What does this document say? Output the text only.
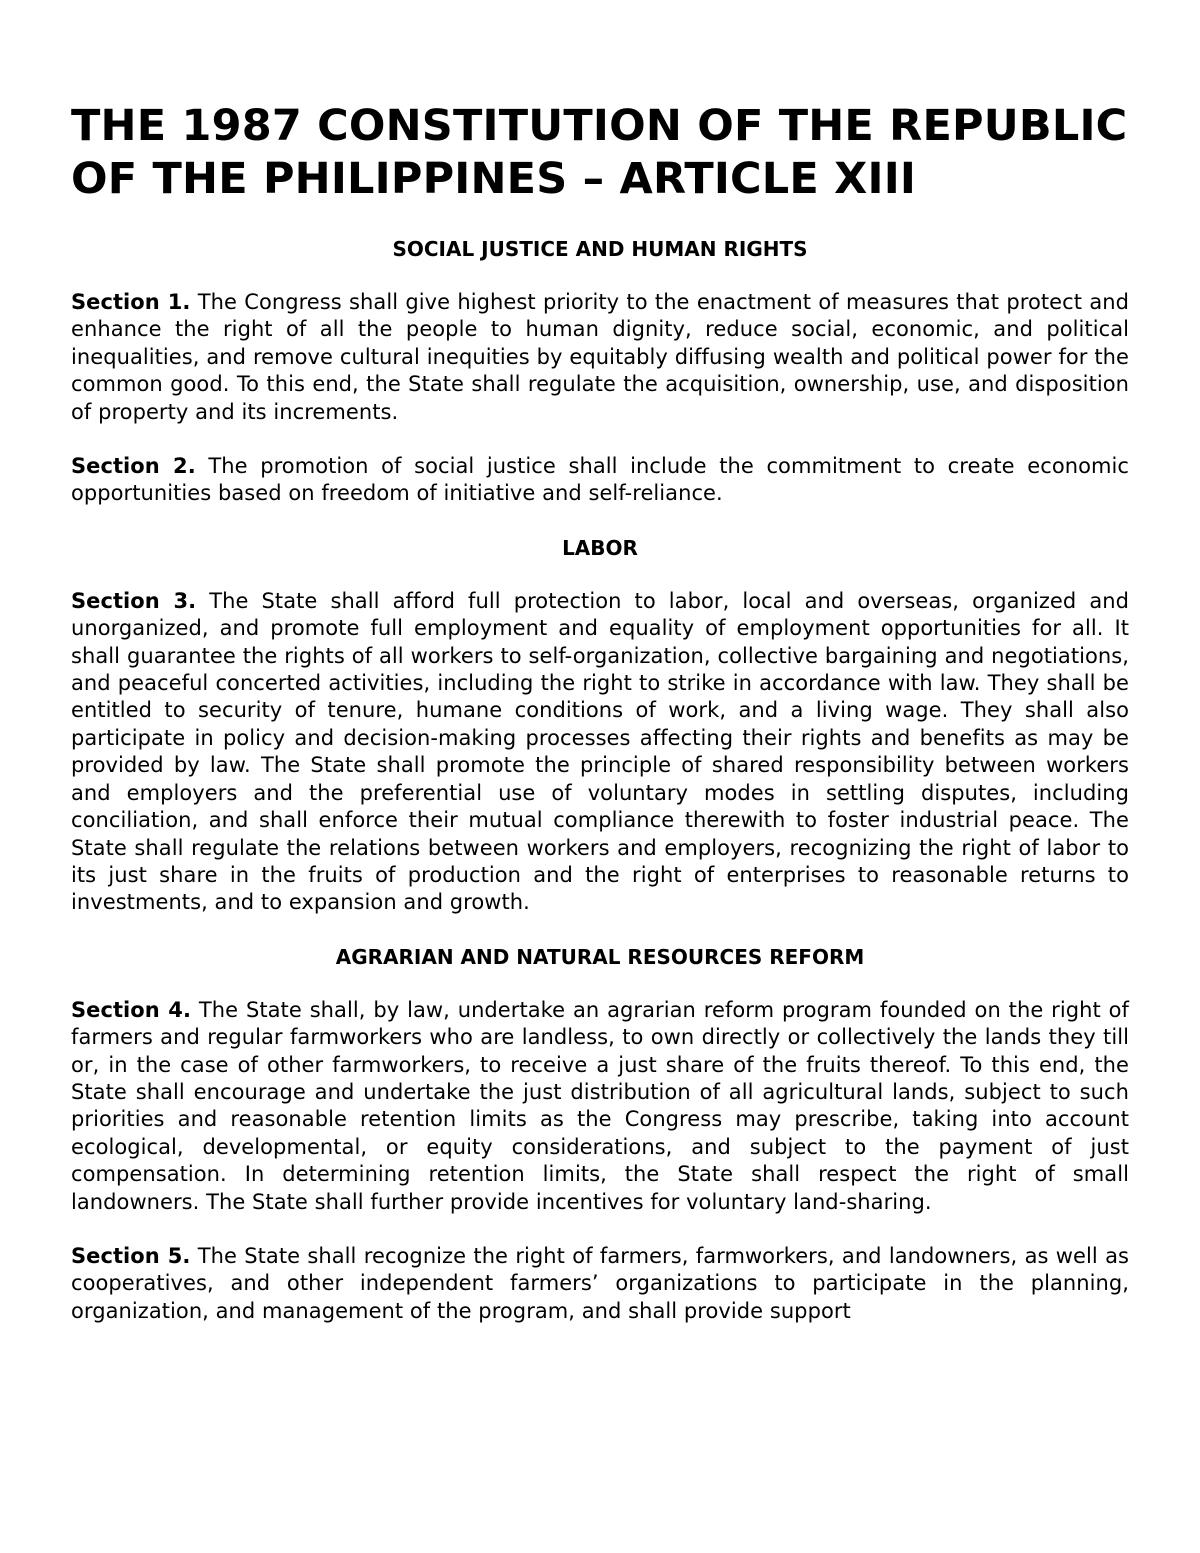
THE 1987 CONSTITUTION OF THE REPUBLIC OF THE PHILIPPINES – ARTICLE XIII
SOCIAL JUSTICE AND HUMAN RIGHTS

Section 1. The Congress shall give highest priority to the enactment of measures that protect and enhance the right of all the people to human dignity, reduce social, economic, and political inequalities, and remove cultural inequities by equitably diffusing wealth and political power for the common good. To this end, the State shall regulate the acquisition, ownership, use, and disposition of property and its increments.

Section 2. The promotion of social justice shall include the commitment to create economic opportunities based on freedom of initiative and self-reliance.

LABOR

Section 3. The State shall afford full protection to labor, local and overseas, organized and unorganized, and promote full employment and equality of employment opportunities for all. It shall guarantee the rights of all workers to self-organization, collective bargaining and negotiations, and peaceful concerted activities, including the right to strike in accordance with law. They shall be entitled to security of tenure, humane conditions of work, and a living wage. They shall also participate in policy and decision-making processes affecting their rights and benefits as may be provided by law. The State shall promote the principle of shared responsibility between workers and employers and the preferential use of voluntary modes in settling disputes, including conciliation, and shall enforce their mutual compliance therewith to foster industrial peace. The State shall regulate the relations between workers and employers, recognizing the right of labor to its just share in the fruits of production and the right of enterprises to reasonable returns to investments, and to expansion and growth.

AGRARIAN AND NATURAL RESOURCES REFORM

Section 4. The State shall, by law, undertake an agrarian reform program founded on the right of farmers and regular farmworkers who are landless, to own directly or collectively the lands they till or, in the case of other farmworkers, to receive a just share of the fruits thereof. To this end, the State shall encourage and undertake the just distribution of all agricultural lands, subject to such priorities and reasonable retention limits as the Congress may prescribe, taking into account ecological, developmental, or equity considerations, and subject to the payment of just compensation. In determining retention limits, the State shall respect the right of small landowners. The State shall further provide incentives for voluntary land-sharing.

Section 5. The State shall recognize the right of farmers, farmworkers, and landowners, as well as cooperatives, and other independent farmers’ organizations to participate in the planning, organization, and management of the program, and shall provide support
